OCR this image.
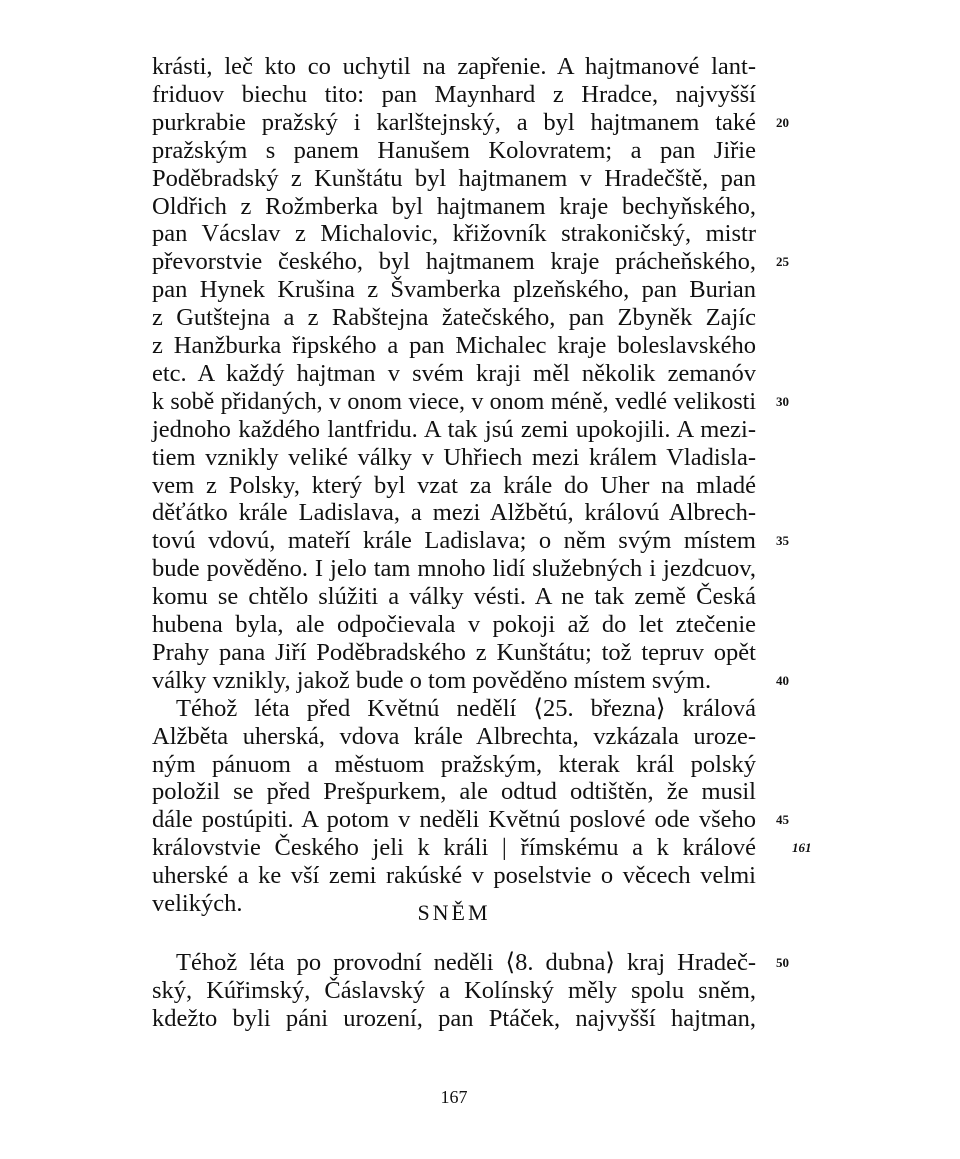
krásti, leč kto co uchytil na zapřenie. A hajtmanové lant-
friduov biechu tito: pan Maynhard z Hradce, najvyšší
purkrabie pražský i karlštejnský, a byl hajtmanem také
pražským s panem Hanušem Kolovratem; a pan Jiřie
Poděbradský z Kunštátu byl hajtmanem v Hradečště, pan
Oldřich z Rožmberka byl hajtmanem kraje bechyňského,
pan Vácslav z Michalovic, křižovník strakoničský, mistr
převorstvie českého, byl hajtmanem kraje prácheňského,
pan Hynek Krušina z Švamberka plzeňského, pan Burian
z Gutštejna a z Rabštejna žatečského, pan Zbyněk Zajíc
z Hanžburka řipského a pan Michalec kraje boleslavského
etc. A každý hajtman v svém kraji měl několik zemanóv
k sobě přidaných, v onom viece, v onom méně, vedlé velikosti
jednoho každého lantfridu. A tak jsú zemi upokojili. A mezi-
tiem vznikly veliké války v Uhřiech mezi králem Vladisla-
vem z Polsky, který byl vzat za krále do Uher na mladé
děťátko krále Ladislava, a mezi Alžbětú, královú Albrech-
tovú vdovú, mateří krále Ladislava; o něm svým místem
bude pověděno. I jelo tam mnoho lidí služebných i jezdcuov,
komu se chtělo slúžiti a války vésti. A ne tak země Česká
hubena byla, ale odpočievala v pokoji až do let ztečenie
Prahy pana Jiří Poděbradského z Kunštátu; tož tepruv opět
války vznikly, jakož bude o tom pověděno místem svým.
Téhož léta před Květnú nedělí ⟨25. března⟩ králová
Alžběta uherská, vdova krále Albrechta, vzkázala uroze-
ným pánuom a městuom pražským, kterak král polský
položil se před Prešpurkem, ale odtud odtištěn, že musil
dále postúpiti. A potom v neděli Květnú poslové ode všeho
královstvie Českého jeli k králi | římskému a k králové
uherské a ke vší zemi rakúské v poselstvie o věcech velmi
velikých.
20
25
30
35
40
45
161
SNĚM
Téhož léta po provodní neděli ⟨8. dubna⟩ kraj Hradeč-
ský, Kúřimský, Čáslavský a Kolínský měly spolu sněm,
kdežto byli páni urození, pan Ptáček, najvyšší hajtman,
50
167
